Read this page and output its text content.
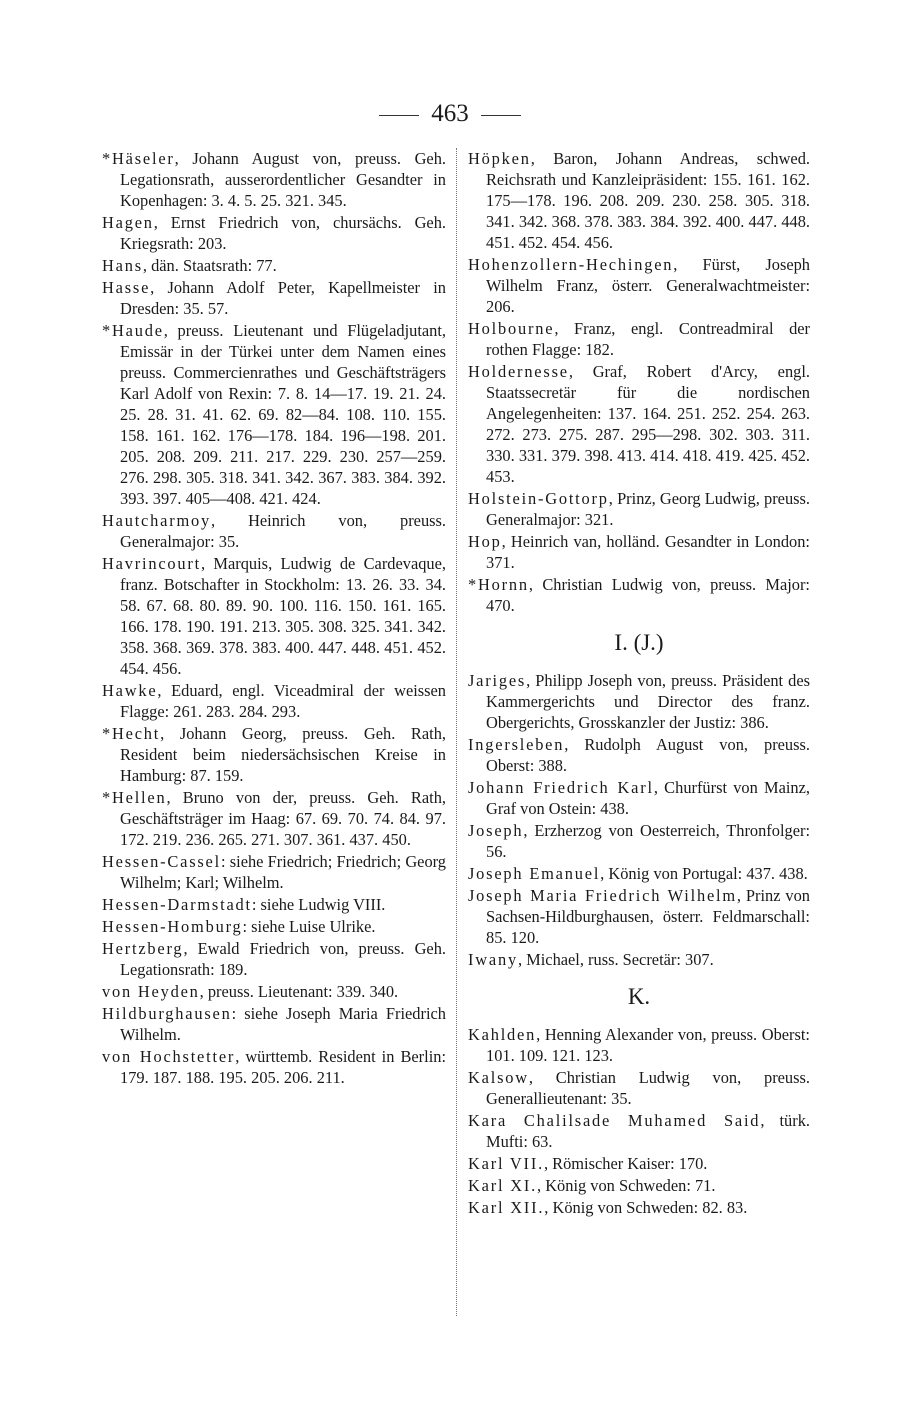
463
*Häseler, Johann August von, preuss. Geh. Legationsrath, ausserordentlicher Gesandter in Kopenhagen: 3. 4. 5. 25. 321. 345.
Hagen, Ernst Friedrich von, chursächs. Geh. Kriegsrath: 203.
Hans, dän. Staatsrath: 77.
Hasse, Johann Adolf Peter, Kapellmeister in Dresden: 35. 57.
*Haude, preuss. Lieutenant und Flügeladjutant, Emissär in der Türkei unter dem Namen eines preuss. Commercienrathes und Geschäftsträgers Karl Adolf von Rexin: 7. 8. 14—17. 19. 21. 24. 25. 28. 31. 41. 62. 69. 82—84. 108. 110. 155. 158. 161. 162. 176—178. 184. 196—198. 201. 205. 208. 209. 211. 217. 229. 230. 257—259. 276. 298. 305. 318. 341. 342. 367. 383. 384. 392. 393. 397. 405—408. 421. 424.
Hautcharmoy, Heinrich von, preuss. Generalmajor: 35.
Havrincourt, Marquis, Ludwig de Cardevaque, franz. Botschafter in Stockholm: 13. 26. 33. 34. 58. 67. 68. 80. 89. 90. 100. 116. 150. 161. 165. 166. 178. 190. 191. 213. 305. 308. 325. 341. 342. 358. 368. 369. 378. 383. 400. 447. 448. 451. 452. 454. 456.
Hawke, Eduard, engl. Viceadmiral der weissen Flagge: 261. 283. 284. 293.
*Hecht, Johann Georg, preuss. Geh. Rath, Resident beim niedersächsischen Kreise in Hamburg: 87. 159.
*Hellen, Bruno von der, preuss. Geh. Rath, Geschäftsträger im Haag: 67. 69. 70. 74. 84. 97. 172. 219. 236. 265. 271. 307. 361. 437. 450.
Hessen-Cassel: siehe Friedrich; Friedrich; Georg Wilhelm; Karl; Wilhelm.
Hessen-Darmstadt: siehe Ludwig VIII.
Hessen-Homburg: siehe Luise Ulrike.
Hertzberg, Ewald Friedrich von, preuss. Geh. Legationsrath: 189.
von Heyden, preuss. Lieutenant: 339. 340.
Hildburghausen: siehe Joseph Maria Friedrich Wilhelm.
von Hochstetter, württemb. Resident in Berlin: 179. 187. 188. 195. 205. 206. 211.
Höpken, Baron, Johann Andreas, schwed. Reichsrath und Kanzleipräsident: 155. 161. 162. 175—178. 196. 208. 209. 230. 258. 305. 318. 341. 342. 368. 378. 383. 384. 392. 400. 447. 448. 451. 452. 454. 456.
Hohenzollern-Hechingen, Fürst, Joseph Wilhelm Franz, österr. Generalwachtmeister: 206.
Holbourne, Franz, engl. Contreadmiral der rothen Flagge: 182.
Holdernesse, Graf, Robert d'Arcy, engl. Staatssecretär für die nordischen Angelegenheiten: 137. 164. 251. 252. 254. 263. 272. 273. 275. 287. 295—298. 302. 303. 311. 330. 331. 379. 398. 413. 414. 418. 419. 425. 452. 453.
Holstein-Gottorp, Prinz, Georg Ludwig, preuss. Generalmajor: 321.
Hop, Heinrich van, holländ. Gesandter in London: 371.
*Hornn, Christian Ludwig von, preuss. Major: 470.
I. (J.)
Jariges, Philipp Joseph von, preuss. Präsident des Kammergerichts und Director des franz. Obergerichts, Grosskanzler der Justiz: 386.
Ingersleben, Rudolph August von, preuss. Oberst: 388.
Johann Friedrich Karl, Churfürst von Mainz, Graf von Ostein: 438.
Joseph, Erzherzog von Oesterreich, Thronfolger: 56.
Joseph Emanuel, König von Portugal: 437. 438.
Joseph Maria Friedrich Wilhelm, Prinz von Sachsen-Hildburghausen, österr. Feldmarschall: 85. 120.
Iwany, Michael, russ. Secretär: 307.
K.
Kahlden, Henning Alexander von, preuss. Oberst: 101. 109. 121. 123.
Kalsow, Christian Ludwig von, preuss. Generallieutenant: 35.
Kara Chalilsade Muhamed Said, türk. Mufti: 63.
Karl VII., Römischer Kaiser: 170.
Karl XI., König von Schweden: 71.
Karl XII., König von Schweden: 82. 83.
